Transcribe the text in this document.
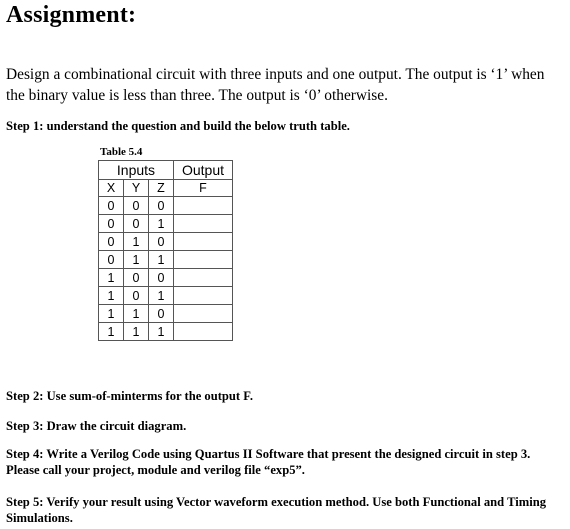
Assignment:
Design a combinational circuit with three inputs and one output. The output is ‘1’ when the binary value is less than three. The output is ‘0’ otherwise.
Step 1: understand the question and build the below truth table.
Table 5.4
Inputs			Output
X	Y	Z	F
0	0	0	
0	0	1	
0	1	0	
0	1	1	
1	0	0	
1	0	1	
1	1	0	
1	1	1	
Step 2: Use sum-of-minterms for the output F.
Step 3: Draw the circuit diagram.
Step 4: Write a Verilog Code using Quartus II Software that present the designed circuit in step 3. Please call your project, module and verilog file “exp5”.
Step 5: Verify your result using Vector waveform execution method. Use both Functional and Timing Simulations.
